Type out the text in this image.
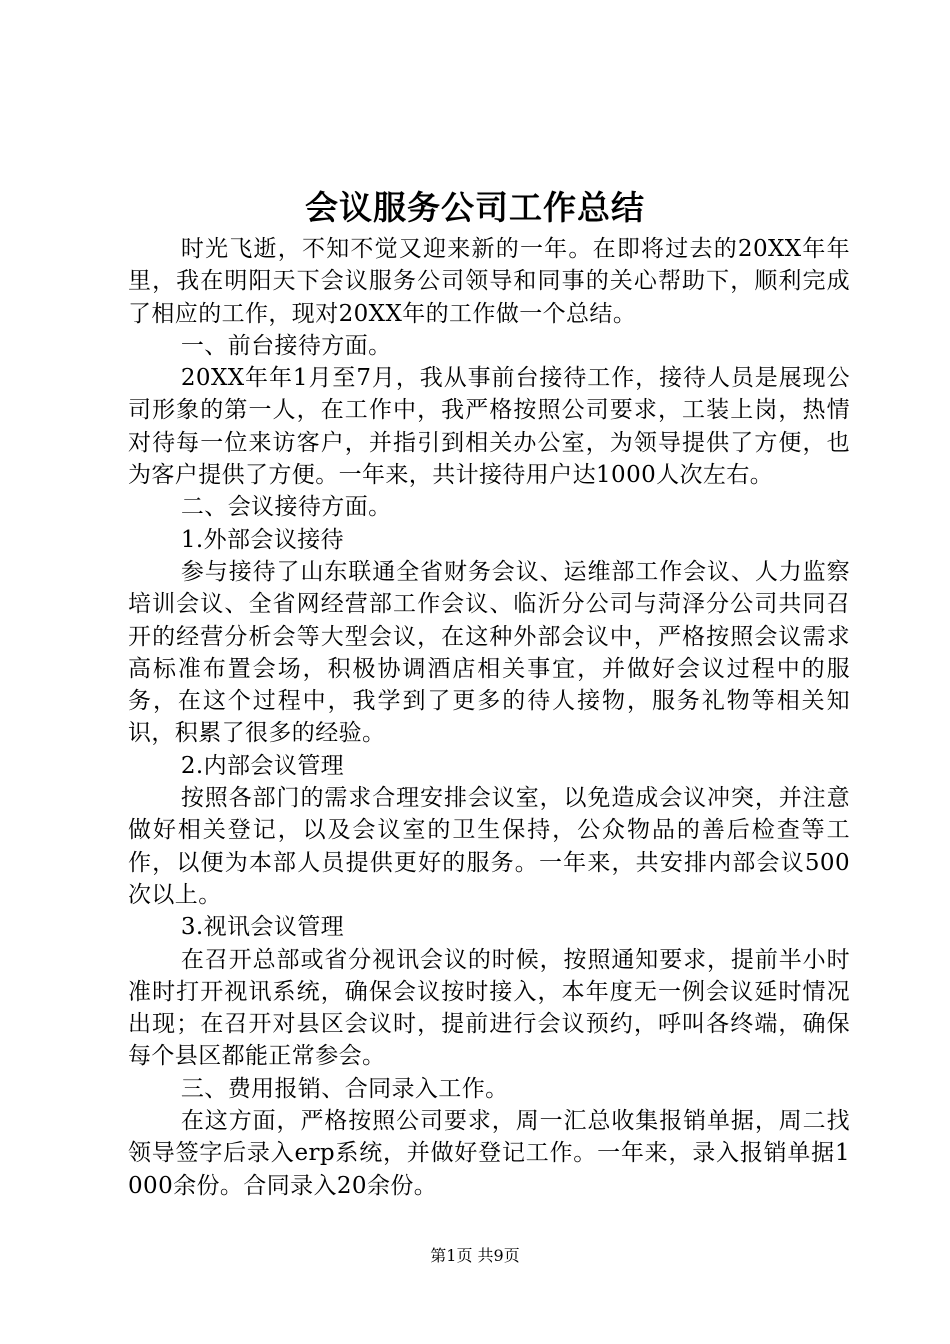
会议服务公司工作总结

时光飞逝，不知不觉又迎来新的一年。在即将过去的20XX年年里，我在明阳天下会议服务公司领导和同事的关心帮助下，顺利完成了相应的工作，现对20XX年的工作做一个总结。

一、前台接待方面。

20XX年年1月至7月，我从事前台接待工作，接待人员是展现公司形象的第一人，在工作中，我严格按照公司要求，工装上岗，热情对待每一位来访客户，并指引到相关办公室，为领导提供了方便，也为客户提供了方便。一年来，共计接待用户达1000人次左右。

二、会议接待方面。

1.外部会议接待

参与接待了山东联通全省财务会议、运维部工作会议、人力监察培训会议、全省网经营部工作会议、临沂分公司与菏泽分公司共同召开的经营分析会等大型会议，在这种外部会议中，严格按照会议需求高标准布置会场，积极协调酒店相关事宜，并做好会议过程中的服务，在这个过程中，我学到了更多的待人接物，服务礼物等相关知识，积累了很多的经验。

2.内部会议管理

按照各部门的需求合理安排会议室，以免造成会议冲突，并注意做好相关登记，以及会议室的卫生保持，公众物品的善后检查等工作，以便为本部人员提供更好的服务。一年来，共安排内部会议500次以上。

3.视讯会议管理

在召开总部或省分视讯会议的时候，按照通知要求，提前半小时准时打开视讯系统，确保会议按时接入，本年度无一例会议延时情况出现；在召开对县区会议时，提前进行会议预约，呼叫各终端，确保每个县区都能正常参会。

三、费用报销、合同录入工作。

在这方面，严格按照公司要求，周一汇总收集报销单据，周二找领导签字后录入erp系统，并做好登记工作。一年来，录入报销单据1000余份。合同录入20余份。

第1页 共9页
